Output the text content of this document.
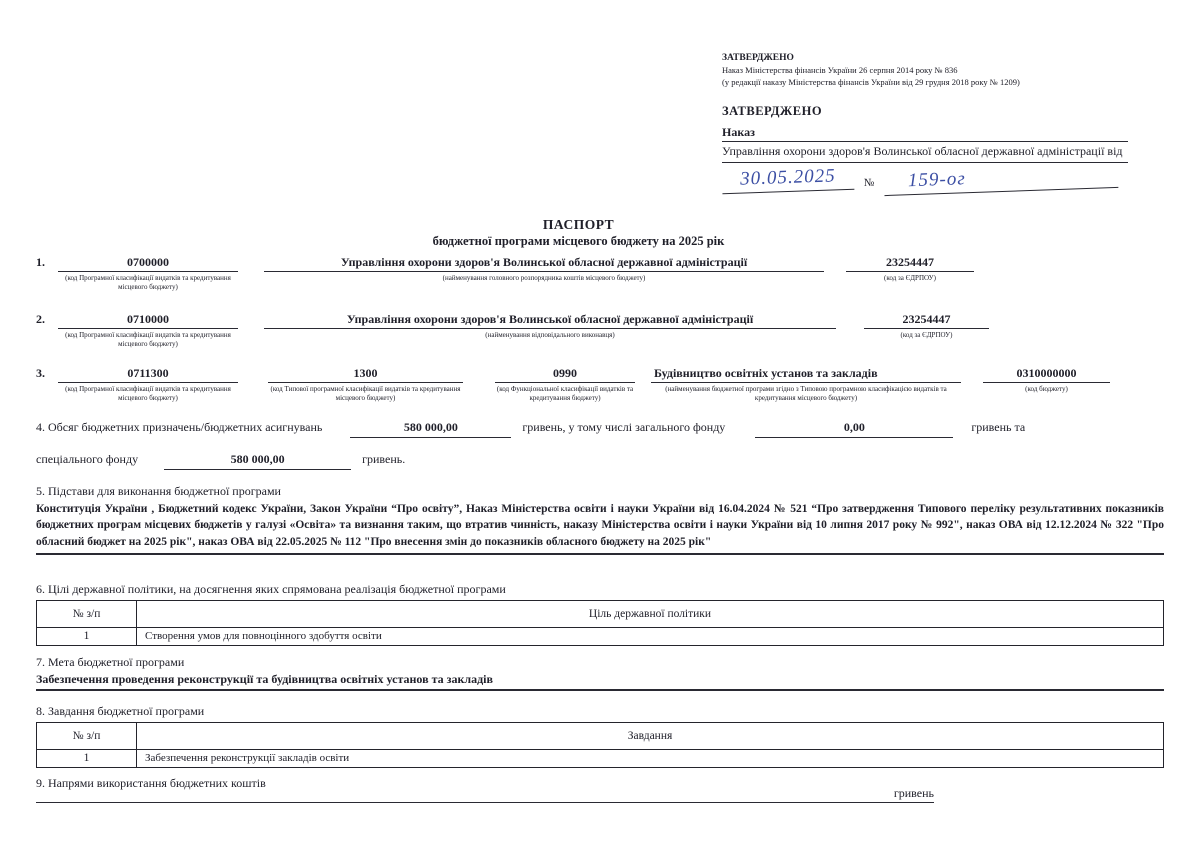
ЗАТВЕРДЖЕНО
Наказ Міністерства фінансів України 26 серпня 2014 року № 836
(у редакції наказу Міністерства фінансів України від 29 грудня 2018 року № 1209)
ЗАТВЕРДЖЕНО
Наказ
Управління охорони здоров'я Волинської обласної державної адміністрації від
30.05.2025	№	159-ог
ПАСПОРТ
бюджетної програми місцевого бюджету на 2025 рік
1.	0700000
(код Програмної класифікації видатків та кредитування місцевого бюджету)
Управління охорони здоров'я Волинської обласної державної адміністрації
(найменування головного розпорядника коштів місцевого бюджету)
23254447
(код за ЄДРПОУ)
2.	0710000
(код Програмної класифікації видатків та кредитування місцевого бюджету)
Управління охорони здоров'я Волинської обласної державної адміністрації
(найменування відповідального виконавця)
23254447
(код за ЄДРПОУ)
3.	0711300
(код Програмної класифікації видатків та кредитування місцевого бюджету)
1300
(код Типової програмної класифікації видатків та кредитування місцевого бюджету)
0990
(код Функціональної класифікації видатків та кредитування бюджету)
Будівництво освітніх установ та закладів
(найменування бюджетної програми згідно з Типовою програмною класифікацією видатків та кредитування місцевого бюджету)
0310000000
(код бюджету)
4. Обсяг бюджетних призначень/бюджетних асигнувань	580 000,00	гривень, у тому числі загального фонду	0,00	гривень та
спеціального фонду	580 000,00	гривень.
5. Підстави для виконання бюджетної програми
Конституція України , Бюджетний кодекс України, Закон України “Про освіту”, Наказ Міністерства освіти і науки України від 16.04.2024 № 521 “Про затвердження Типового переліку результативних показників бюджетних програм місцевих бюджетів у галузі «Освіта» та визнання таким, що втратив чинність, наказу Міністерства освіти і науки України від 10 липня 2017 року № 992", наказ ОВА від 12.12.2024 № 322 "Про обласний бюджет на 2025 рік", наказ ОВА від 22.05.2025 № 112 "Про внесення змін до показників обласного бюджету на 2025 рік"
6. Цілі державної політики, на досягнення яких спрямована реалізація бюджетної програми
№ з/п	Ціль державної політики
1	Створення умов для повноцінного здобуття освіти
7. Мета бюджетної програми
Забезпечення проведення реконструкції та будівництва освітніх установ та закладів
8. Завдання бюджетної програми
№ з/п	Завдання
1	Забезпечення реконструкції закладів освіти
9. Напрями використання бюджетних коштів
гривень
